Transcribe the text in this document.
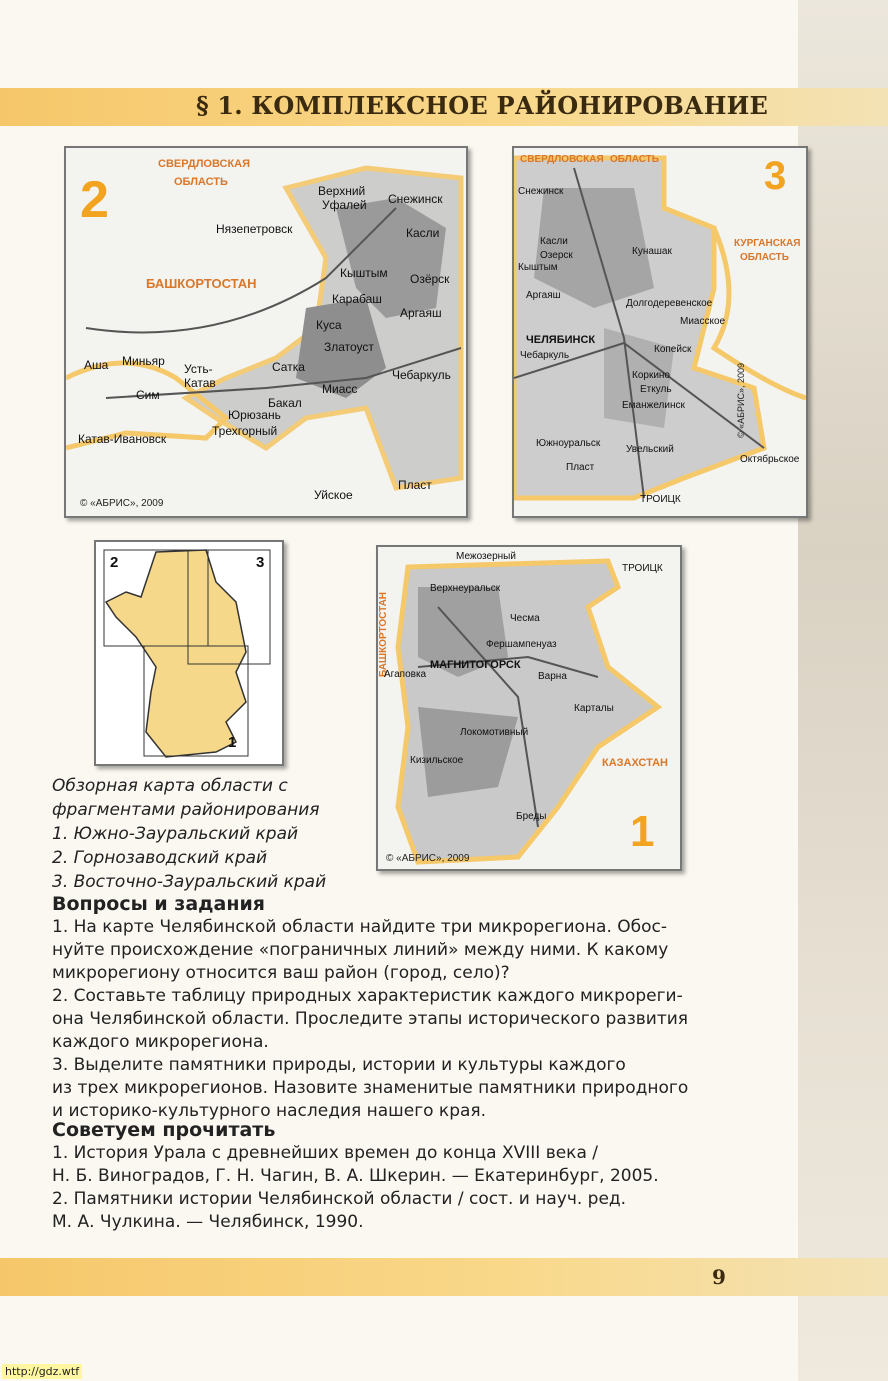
§ 1. КОМПЛЕКСНОЕ РАЙОНИРОВАНИЕ
2
СВЕРДЛОВСКАЯ
ОБЛАСТЬ
БАШКОРТОСТАН
Верхний
Уфалей Снежинск
Нязепетровск	Касли
Кыштым Озёрск
Карабаш
Аргаяш
Куса
Златоуст
Аша Миньяр
Усть-
Катав
Сатка
Чебаркуль
Сим
Бакал
Миасс
Юрюзань
Катав-Ивановск
Трехгорный
Уйское
Пласт
© «АБРИС», 2009
3
СВЕРДЛОВСКАЯ ОБЛАСТЬ
КУРГАНСКАЯ
ОБЛАСТЬ
Снежинск
Касли
Озерск	Кунашак
Кыштым
Аргаяш
Долгодеревенское
Миасское
ЧЕЛЯБИНСК
Копейск
Чебаркуль
Коркино
Еткуль
Еманжелинск
Южноуральск
Увельский
Октябрьское
Пласт
ТРОИЦК
© «АБРИС», 2009
2	3
1
1
БАШКОРТОСТАН
КАЗАХСТАН
Межозерный
ТРОИЦК
Верхнеуральск
Чесма
Фершампенуаз
МАГНИТОГОРСК
Агаповка	Варна
Карталы
Локомотивный
Кизильское
Бреды
© «АБРИС», 2009
Обзорная карта области с
фрагментами районирования
1. Южно-Зауральский край
2. Горнозаводский край
3. Восточно-Зауральский край
Вопросы и задания

1. На карте Челябинской области найдите три микрорегиона. Обос-

нуйте происхождение «пограничных линий» между ними. К какому

микрорегиону относится ваш район (город, село)?

2. Составьте таблицу природных характеристик каждого микрореги-

она Челябинской области. Проследите этапы исторического развития

каждого микрорегиона.

3. Выделите памятники природы, истории и культуры каждого

из трех микрорегионов. Назовите знаменитые памятники природного

и историко-культурного наследия нашего края.

Советуем прочитать

1. История Урала с древнейших времен до конца XVIII века /

Н. Б. Виноградов, Г. Н. Чагин, В. А. Шкерин. — Екатеринбург, 2005.

2. Памятники истории Челябинской области / сост. и науч. ред.

М. А. Чулкина. — Челябинск, 1990.

9
http://gdz.wtf
